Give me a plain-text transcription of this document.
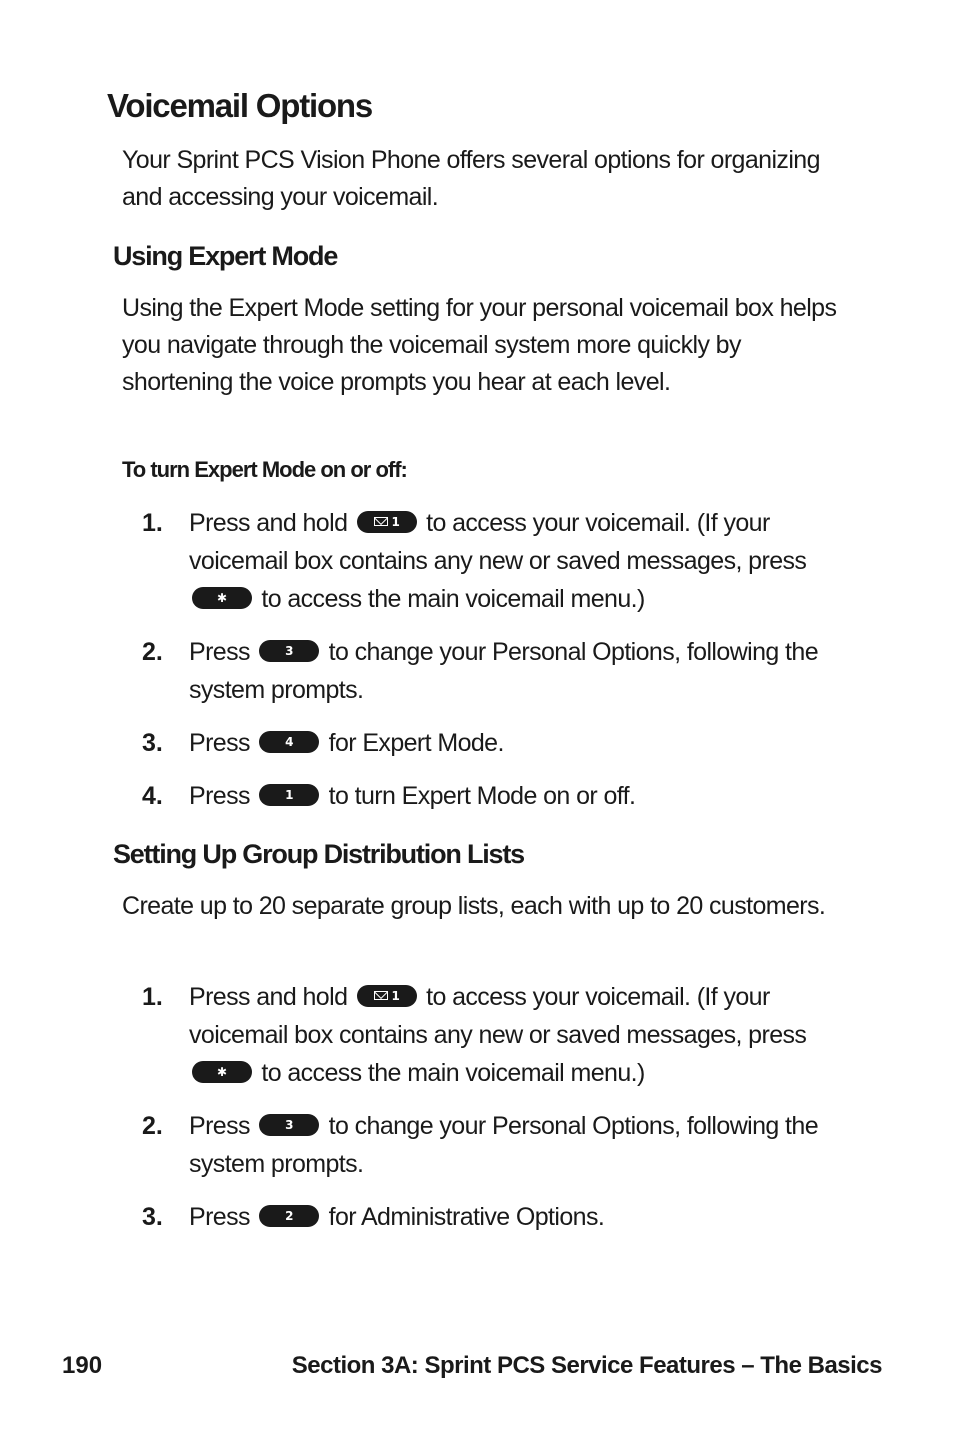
Voicemail Options

Your Sprint PCS Vision Phone offers several options for organizing and accessing your voicemail.

Using Expert Mode

Using the Expert Mode setting for your personal voicemail box helps you navigate through the voicemail system more quickly by shortening the voice prompts you hear at each level.

To turn Expert Mode on or off:
1. Press and hold	1 to access your voicemail. (If your voicemail box contains any new or saved messages, press ✱ to access the main voicemail menu.)
2. Press	3 to change your Personal Options, following the system prompts.
3. Press	4 for Expert Mode.
4. Press	1 to turn Expert Mode on or off.
Setting Up Group Distribution Lists

Create up to 20 separate group lists, each with up to 20 customers.

1. Press and hold	1 to access your voicemail. (If your voicemail box contains any new or saved messages, press ✱ to access the main voicemail menu.)
2. Press	3 to change your Personal Options, following the system prompts.
3. Press	2 for Administrative Options.
190	Section 3A: Sprint PCS Service Features – The Basics
